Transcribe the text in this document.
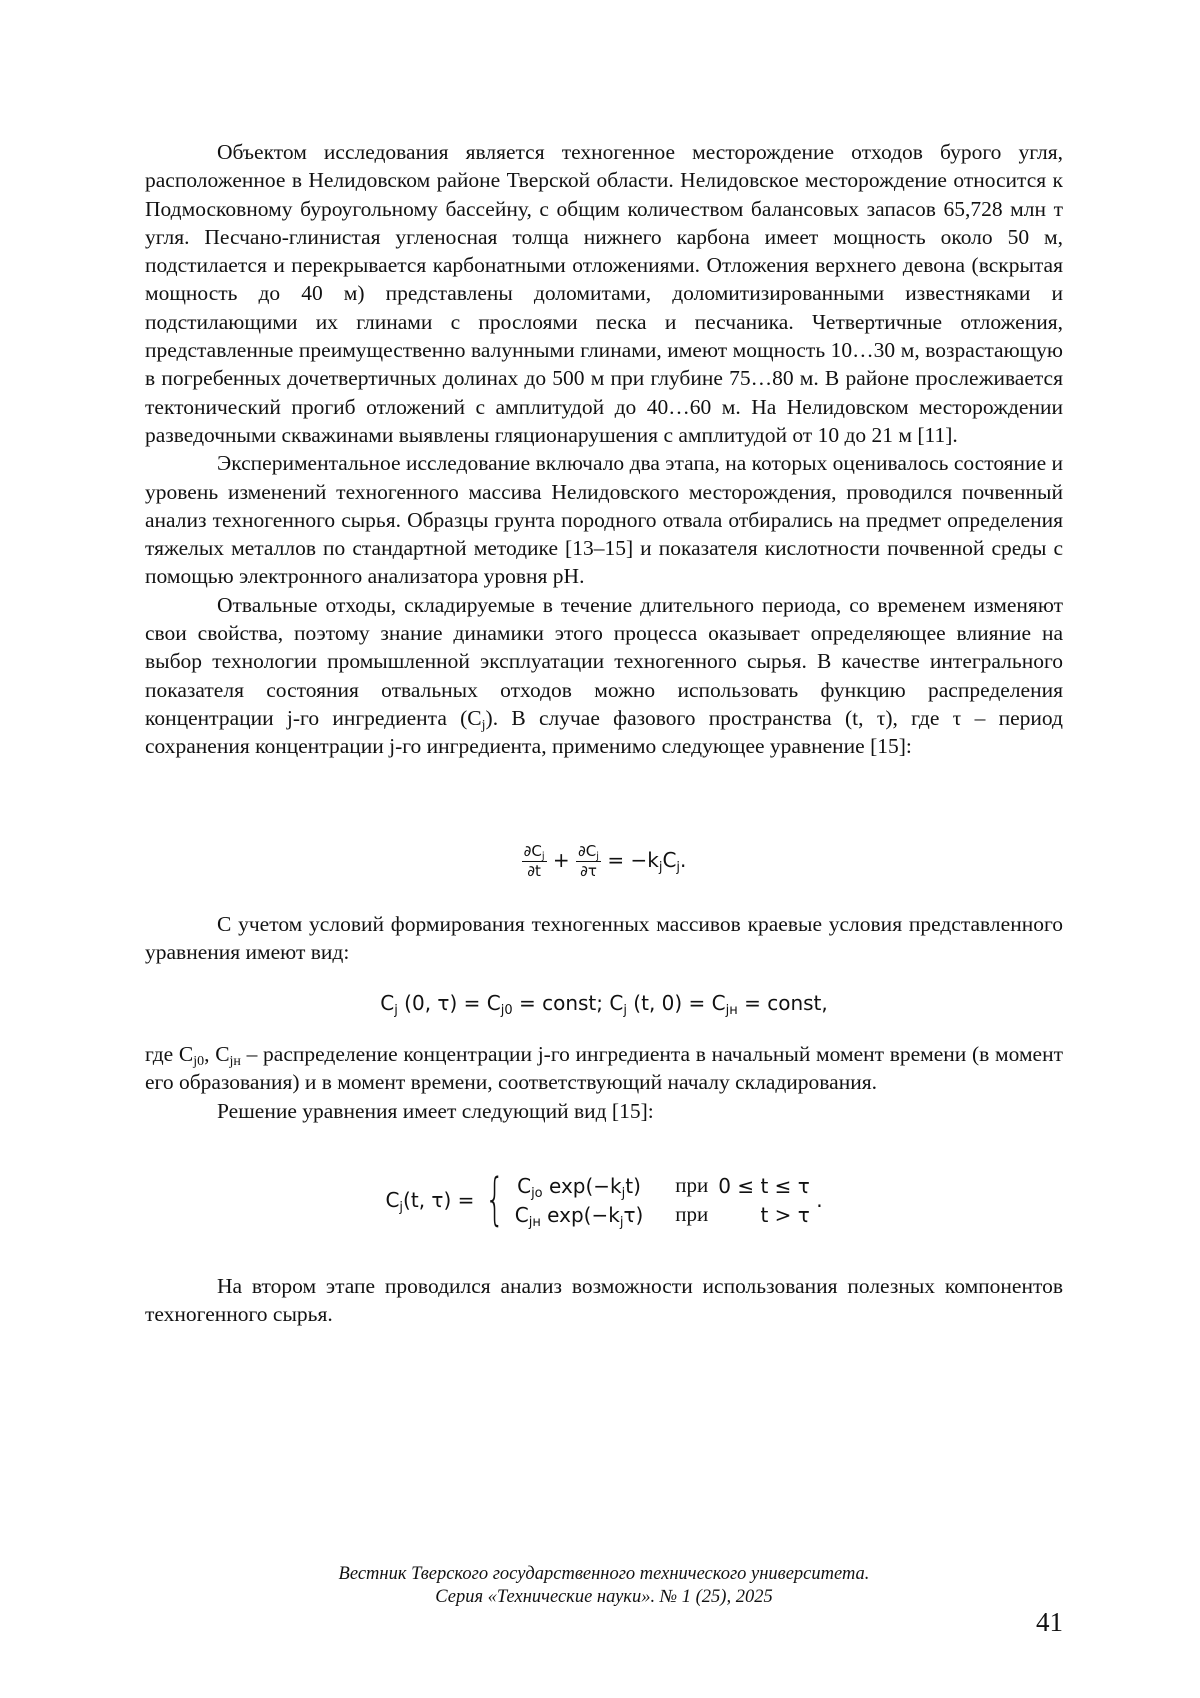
Объектом исследования является техногенное месторождение отходов бурого угля, расположенное в Нелидовском районе Тверской области. Нелидовское месторождение относится к Подмосковному буроугольному бассейну, с общим количеством балансовых запасов 65,728 млн т угля. Песчано-глинистая угленосная толща нижнего карбона имеет мощность около 50 м, подстилается и перекрывается карбонатными отложениями. Отложения верхнего девона (вскрытая мощность до 40 м) представлены доломитами, доломитизированными известняками и подстилающими их глинами с прослоями песка и песчаника. Четвертичные отложения, представленные преимущественно валунными глинами, имеют мощность 10…30 м, возрастающую в погребенных дочетвертичных долинах до 500 м при глубине 75…80 м. В районе прослеживается тектонический прогиб отложений с амплитудой до 40…60 м. На Нелидовском месторождении разведочными скважинами выявлены гляционарушения с амплитудой от 10 до 21 м [11].

Экспериментальное исследование включало два этапа, на которых оценивалось состояние и уровень изменений техногенного массива Нелидовского месторождения, проводился почвенный анализ техногенного сырья. Образцы грунта породного отвала отбирались на предмет определения тяжелых металлов по стандартной методике [13–15] и показателя кислотности почвенной среды с помощью электронного анализатора уровня pH.

Отвальные отходы, складируемые в течение длительного периода, со временем изменяют свои свойства, поэтому знание динамики этого процесса оказывает определяющее влияние на выбор технологии промышленной эксплуатации техногенного сырья. В качестве интегрального показателя состояния отвальных отходов можно использовать функцию распределения концентрации j-го ингредиента (Cj). В случае фазового пространства (t, τ), где τ – период сохранения концентрации j-го ингредиента, применимо следующее уравнение [15]:

∂Cj
∂t + ∂Cj
∂τ = −kjCj.

С учетом условий формирования техногенных массивов краевые условия представленного уравнения имеют вид:

Cj (0, τ) = Cj0 = const; Cj (t, 0) = Cjн = const,

где Cj0, Cjн – распределение концентрации j-го ингредиента в начальный момент времени (в момент его образования) и в момент времени, соответствующий началу складирования.

Решение уравнения имеет следующий вид [15]:

Cj(t, τ) = { Cjo exp(−kjt)	при	0 ≤ t ≤ τ
Cjн exp(−kjτ)	при	t > τ .

На втором этапе проводился анализ возможности использования полезных компонентов техногенного сырья.

Вестник Тверского государственного технического университета.
Серия «Технические науки». № 1 (25), 2025
41
